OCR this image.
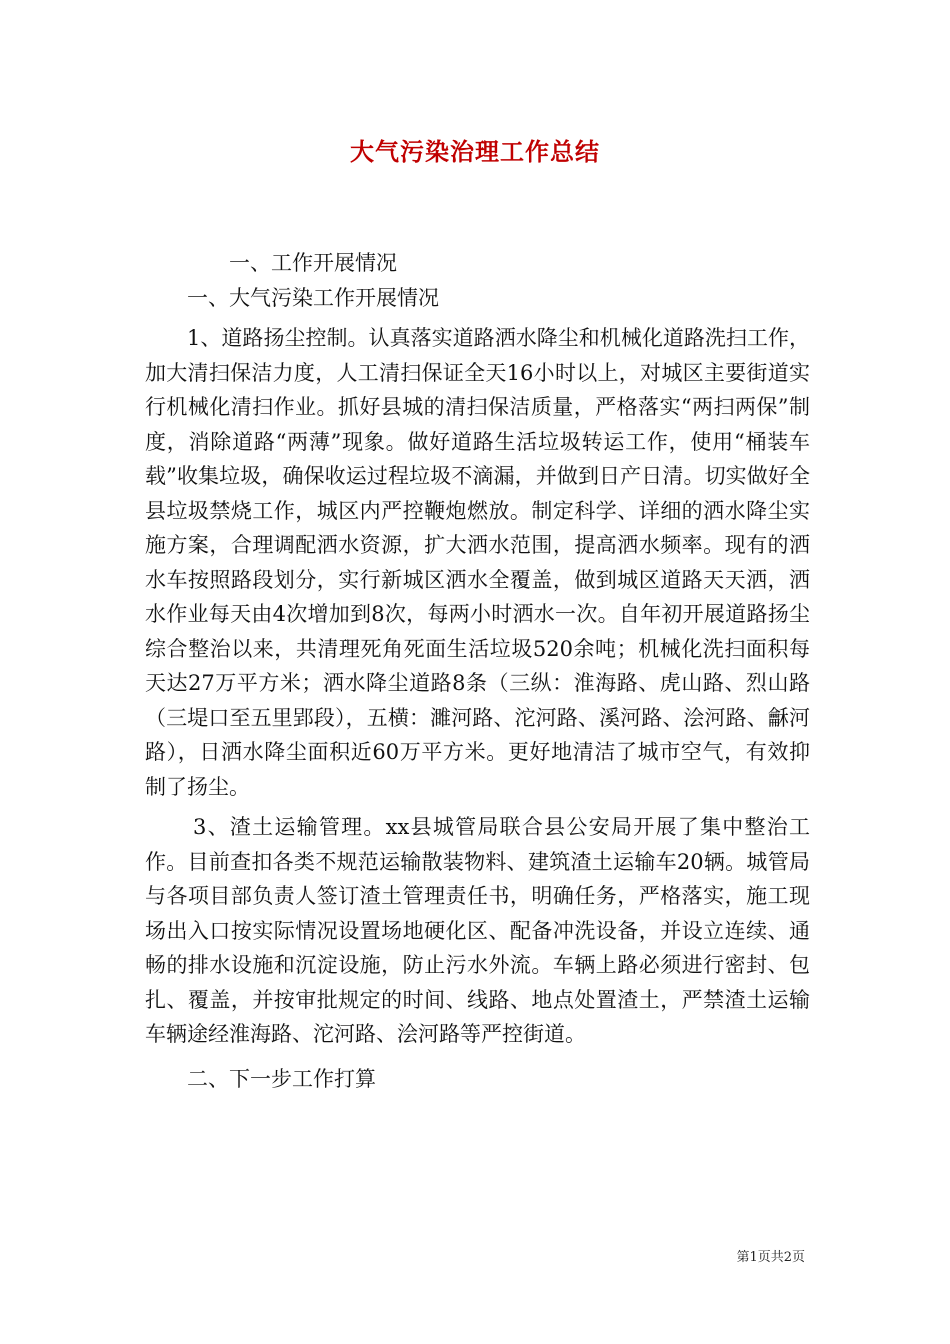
大气污染治理工作总结

一、工作开展情况

一、大气污染工作开展情况

1、道路扬尘控制。认真落实道路洒水降尘和机械化道路洗扫工作，加大清扫保洁力度，人工清扫保证全天16小时以上，对城区主要街道实行机械化清扫作业。抓好县城的清扫保洁质量，严格落实“两扫两保”制度，消除道路“两薄”现象。做好道路生活垃圾转运工作，使用“桶装车载”收集垃圾，确保收运过程垃圾不滴漏，并做到日产日清。切实做好全县垃圾禁烧工作，城区内严控鞭炮燃放。制定科学、详细的洒水降尘实施方案，合理调配洒水资源，扩大洒水范围，提高洒水频率。现有的洒水车按照路段划分，实行新城区洒水全覆盖，做到城区道路天天洒，洒水作业每天由4次增加到8次，每两小时洒水一次。自年初开展道路扬尘综合整治以来，共清理死角死面生活垃圾520余吨；机械化洗扫面积每天达27万平方米；洒水降尘道路8条（三纵：淮海路、虎山路、烈山路（三堤口至五里郢段），五横：濉河路、沱河路、溪河路、浍河路、龢河路），日洒水降尘面积近60万平方米。更好地清洁了城市空气，有效抑制了扬尘。

3、渣土运输管理。xx县城管局联合县公安局开展了集中整治工作。目前查扣各类不规范运输散装物料、建筑渣土运输车20辆。城管局与各项目部负责人签订渣土管理责任书，明确任务，严格落实，施工现场出入口按实际情况设置场地硬化区、配备冲洗设备，并设立连续、通畅的排水设施和沉淀设施，防止污水外流。车辆上路必须进行密封、包扎、覆盖，并按审批规定的时间、线路、地点处置渣土，严禁渣土运输车辆途经淮海路、沱河路、浍河路等严控街道。

二、下一步工作打算

第1页共2页
